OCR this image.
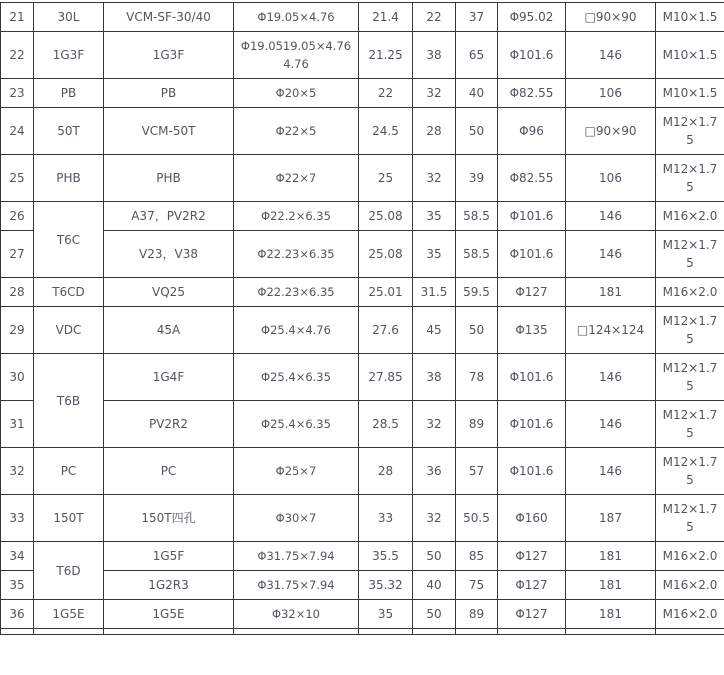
21	30L	VCM-SF-30/40	Φ19.05×4.76	21.4	22	37	Φ95.02	□90×90	M10×1.5
22	1G3F	1G3F	Φ19.0519.05×4.764.76	21.25	38	65	Φ101.6	146	M10×1.5
23	PB	PB	Φ20×5	22	32	40	Φ82.55	106	M10×1.5
24	50T	VCM-50T	Φ22×5	24.5	28	50	Φ96	□90×90	M12×1.75
25	PHB	PHB	Φ22×7	25	32	39	Φ82.55	106	M12×1.75
26	T6C	A37，PV2R2	Φ22.2×6.35	25.08	35	58.5	Φ101.6	146	M16×2.0
27		V23，V38	Φ22.23×6.35	25.08	35	58.5	Φ101.6	146	M12×1.75
28	T6CD	VQ25	Φ22.23×6.35	25.01	31.5	59.5	Φ127	181	M16×2.0
29	VDC	45A	Φ25.4×4.76	27.6	45	50	Φ135	□124×124	M12×1.75
30	T6B	1G4F	Φ25.4×6.35	27.85	38	78	Φ101.6	146	M12×1.75
31		PV2R2	Φ25.4×6.35	28.5	32	89	Φ101.6	146	M12×1.75
32	PC	PC	Φ25×7	28	36	57	Φ101.6	146	M12×1.75
33	150T	150T四孔	Φ30×7	33	32	50.5	Φ160	187	M12×1.75
34	T6D	1G5F	Φ31.75×7.94	35.5	50	85	Φ127	181	M16×2.0
35		1G2R3	Φ31.75×7.94	35.32	40	75	Φ127	181	M16×2.0
36	1G5E	1G5E	Φ32×10	35	50	89	Φ127	181	M16×2.0
